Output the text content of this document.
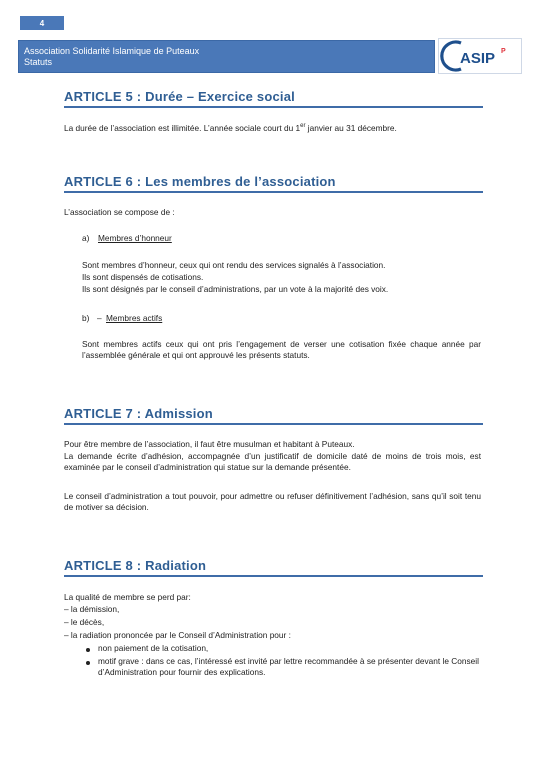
4
Association Solidarité Islamique de Puteaux
Statuts	ASIP P
ARTICLE 5 : Durée – Exercice social

La durée de l’association est illimitée. L’année sociale court du 1er janvier au 31 décembre.

ARTICLE 6 : Les membres de l’association

L’association se compose de :

a) Membres d’honneur

Sont membres d’honneur, ceux qui ont rendu des services signalés à l’association.

Ils sont dispensés de cotisations.

Ils sont désignés par le conseil d’administrations, par un vote à la majorité des voix.

b) – Membres actifs

Sont membres actifs ceux qui ont pris l’engagement de verser une cotisation fixée chaque année par l’assemblée générale et qui ont approuvé les présents statuts.

ARTICLE 7 : Admission

Pour être membre de l’association, il faut être musulman et habitant à Puteaux.

La demande écrite d’adhésion, accompagnée d’un justificatif de domicile daté de moins de trois mois, est examinée par le conseil d’administration qui statue sur la demande présentée.

Le conseil d’administration a tout pouvoir, pour admettre ou refuser définitivement l’adhésion, sans qu’il soit tenu de motiver sa décision.

ARTICLE 8 : Radiation

La qualité de membre se perd par:

– la démission,

– le décès,

– la radiation prononcée par le Conseil d’Administration pour :

non paiement de la cotisation,

motif grave : dans ce cas, l’intéressé est invité par lettre recommandée à se présenter devant le Conseil d’Administration pour fournir des explications.
